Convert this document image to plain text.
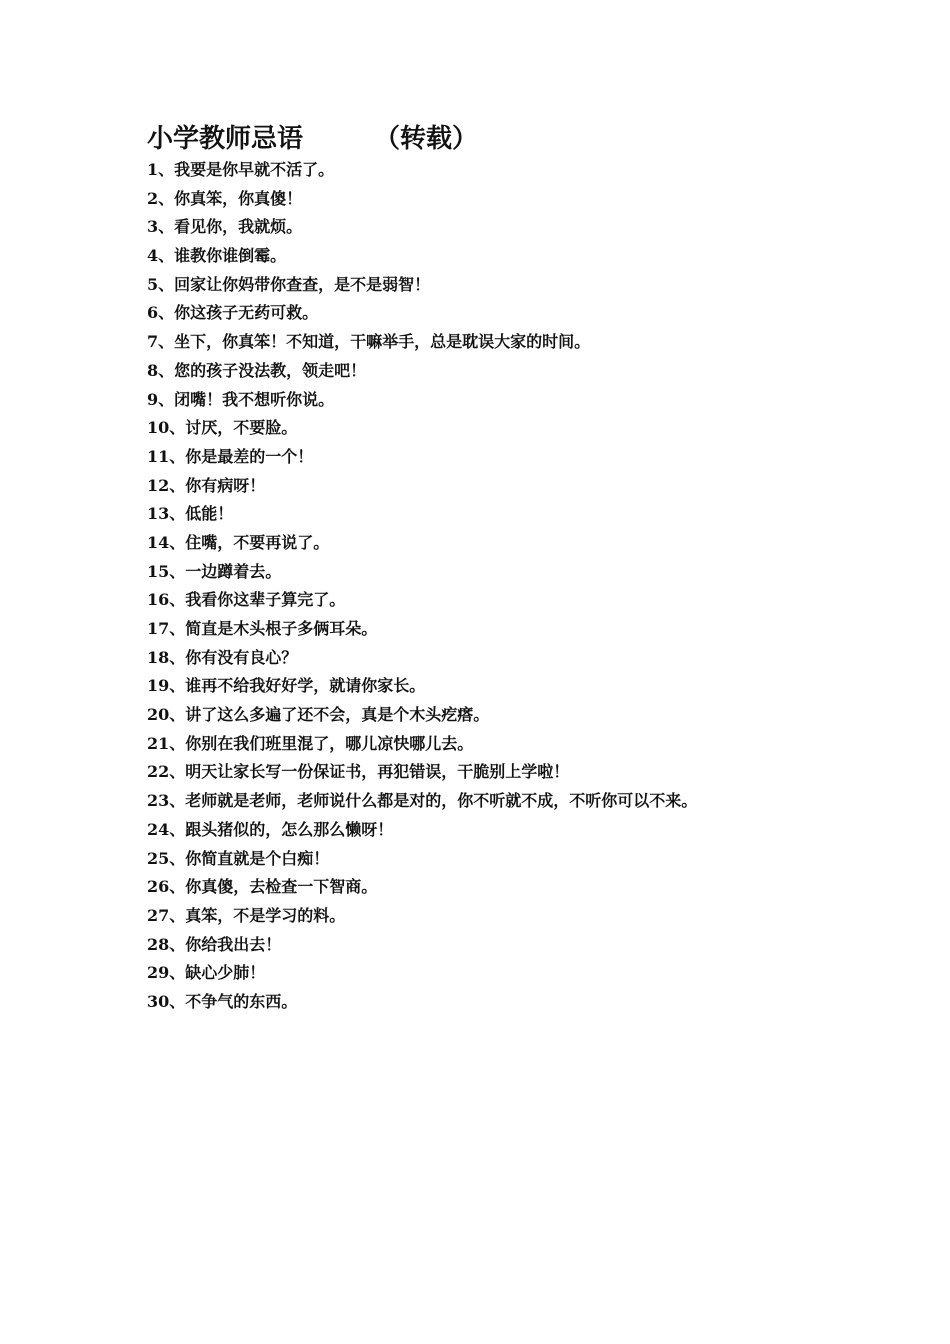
小学教师忌语	（转载）
1、我要是你早就不活了。
2、你真笨，你真傻！
3、看见你，我就烦。
4、谁教你谁倒霉。
5、回家让你妈带你查查，是不是弱智！
6、你这孩子无药可救。
7、坐下，你真笨！不知道，干嘛举手，总是耽误大家的时间。
8、您的孩子没法教，领走吧！
9、闭嘴！我不想听你说。
10、讨厌，不要脸。
11、你是最差的一个！
12、你有病呀！
13、低能！
14、住嘴，不要再说了。
15、一边蹲着去。
16、我看你这辈子算完了。
17、简直是木头根子多俩耳朵。
18、你有没有良心？
19、谁再不给我好好学，就请你家长。
20、讲了这么多遍了还不会，真是个木头疙瘩。
21、你别在我们班里混了，哪儿凉快哪儿去。
22、明天让家长写一份保证书，再犯错误，干脆别上学啦！
23、老师就是老师，老师说什么都是对的，你不听就不成，不听你可以不来。
24、跟头猪似的，怎么那么懒呀！
25、你简直就是个白痴！
26、你真傻，去检查一下智商。
27、真笨，不是学习的料。
28、你给我出去！
29、缺心少肺！
30、不争气的东西。
